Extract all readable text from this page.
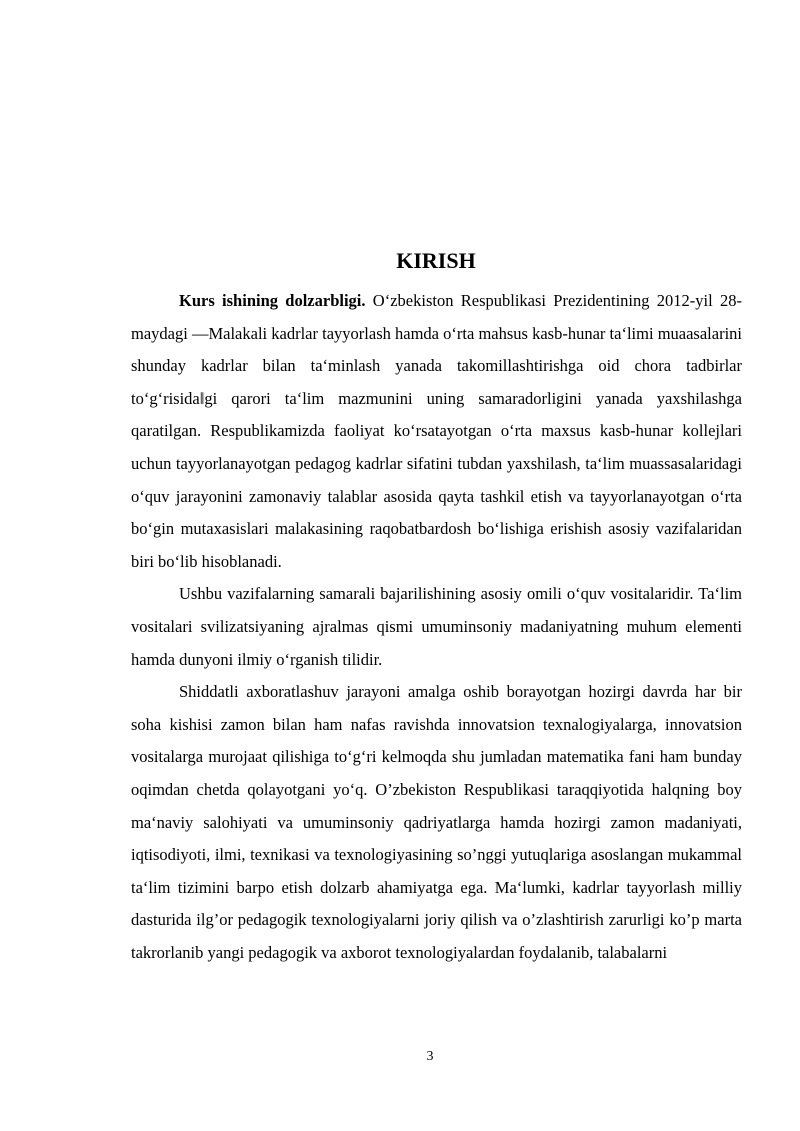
KIRISH

Kurs ishining dolzarbligi. O‘zbekiston Respublikasi Prezidentining 2012-yil 28-maydagi ―Malakali kadrlar tayyorlash hamda o‘rta mahsus kasb-hunar ta‘limi muaasalarini shunday kadrlar bilan ta‘minlash yanada takomillashtirishga oid chora tadbirlar to‘g‘risida‖gi qarori ta‘lim mazmunini uning samaradorligini yanada yaxshilashga qaratilgan. Respublikamizda faoliyat ko‘rsatayotgan o‘rta maxsus kasb-hunar kollejlari uchun tayyorlanayotgan pedagog kadrlar sifatini tubdan yaxshilash, ta‘lim muassasalaridagi o‘quv jarayonini zamonaviy talablar asosida qayta tashkil etish va tayyorlanayotgan o‘rta bo‘gin mutaxasislari malakasining raqobatbardosh bo‘lishiga erishish asosiy vazifalaridan biri bo‘lib hisoblanadi.

Ushbu vazifalarning samarali bajarilishining asosiy omili o‘quv vositalaridir. Ta‘lim vositalari svilizatsiyaning ajralmas qismi umuminsoniy madaniyatning muhum elementi hamda dunyoni ilmiy o‘rganish tilidir.

Shiddatli axboratlashuv jarayoni amalga oshib borayotgan hozirgi davrda har bir soha kishisi zamon bilan ham nafas ravishda innovatsion texnalogiyalarga, innovatsion vositalarga murojaat qilishiga to‘g‘ri kelmoqda shu jumladan matematika fani ham bunday oqimdan chetda qolayotgani yo‘q. O’zbekiston Respublikasi taraqqiyotida halqning boy ma‘naviy salohiyati va umuminsoniy qadriyatlarga hamda hozirgi zamon madaniyati, iqtisodiyoti, ilmi, texnikasi va texnologiyasining so’nggi yutuqlariga asoslangan mukammal ta‘lim tizimini barpo etish dolzarb ahamiyatga ega. Ma‘lumki, kadrlar tayyorlash milliy dasturida ilg’or pedagogik texnologiyalarni joriy qilish va o’zlashtirish zarurligi ko’p marta takrorlanib yangi pedagogik va axborot texnologiyalardan foydalanib, talabalarni

3
